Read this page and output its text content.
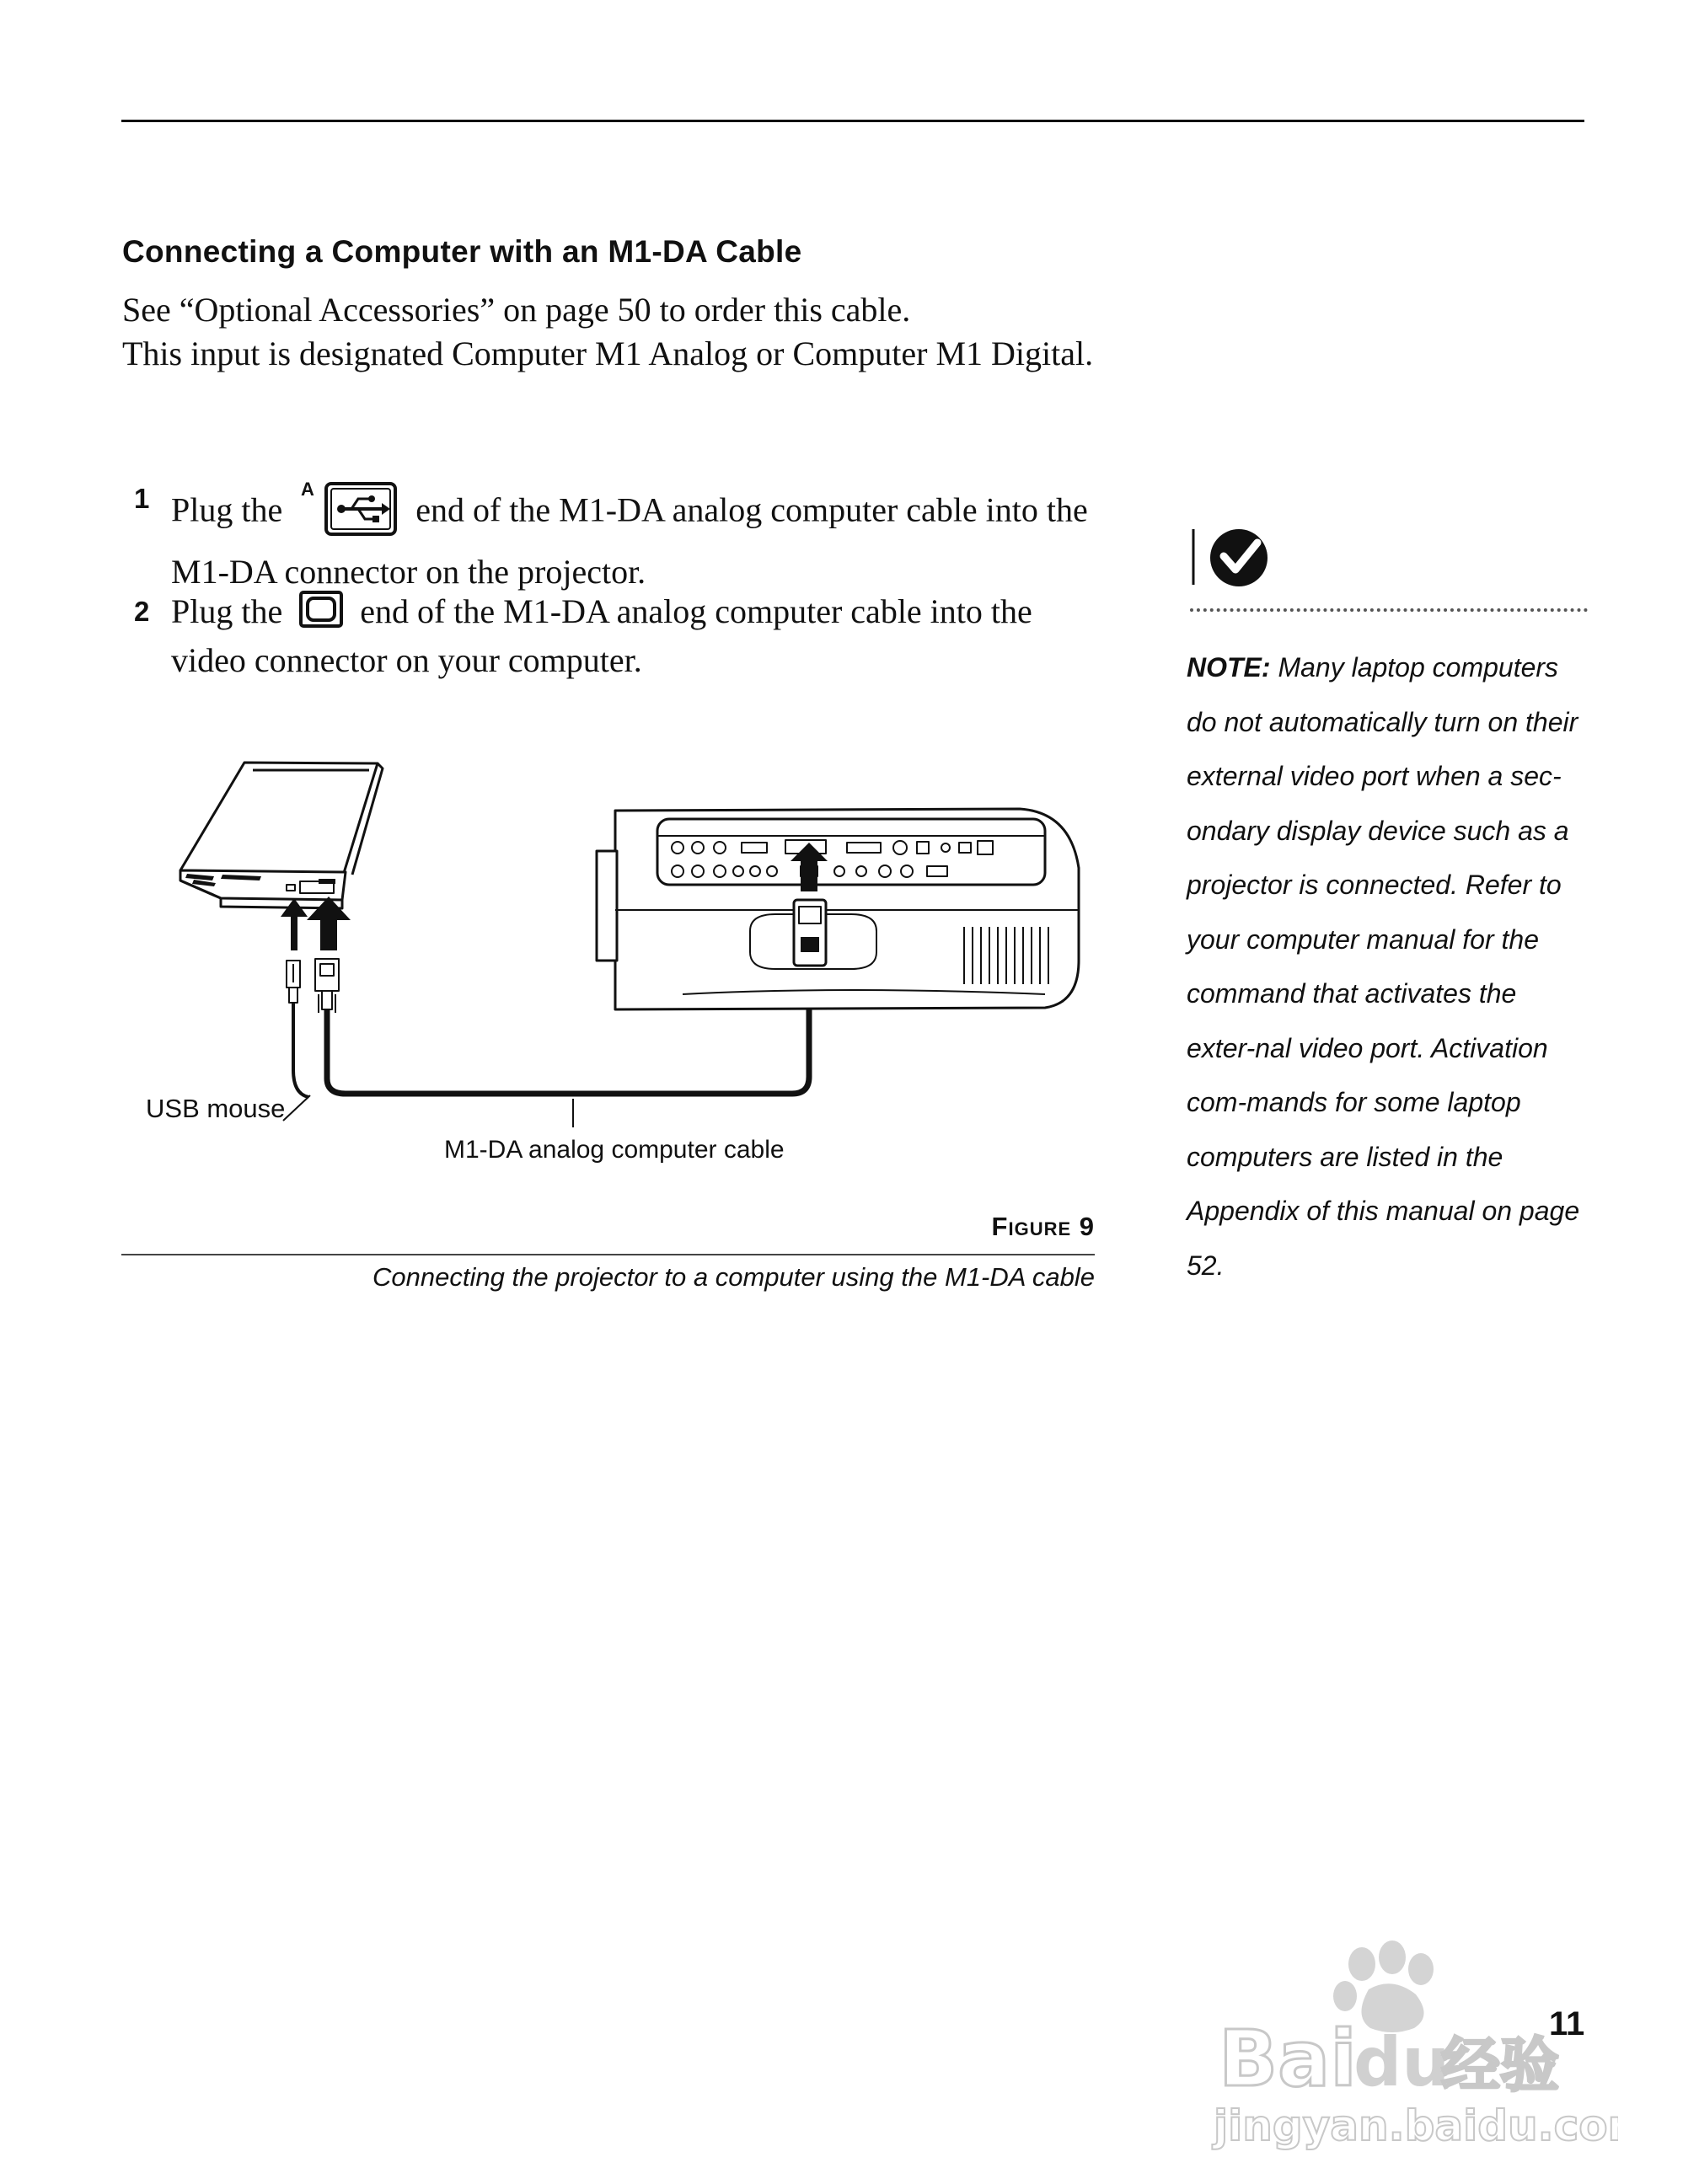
Connecting a Computer with an M1-DA Cable

See “Optional Accessories” on page 50 to order this cable.

This input is designated Computer M1 Analog or Computer M1 Digital.

1 Plug the
A
end of the M1-DA analog computer cable into the M1-DA connector on the projector.
2 Plug the end of the M1-DA analog computer cable into the video connector on your computer.
USB mouse
M1-DA analog computer cable
Figure 9
Connecting the projector to a computer using the M1-DA cable
NOTE: Many laptop computers do not automatically turn on their external video port when a sec-ondary display device such as a projector is connected. Refer to your computer manual for the command that activates the exter-nal video port. Activation com-mands for some laptop computers are listed in the Appendix of this manual on page 52.
Bai
du
经验
jingyan.baidu.com
11
